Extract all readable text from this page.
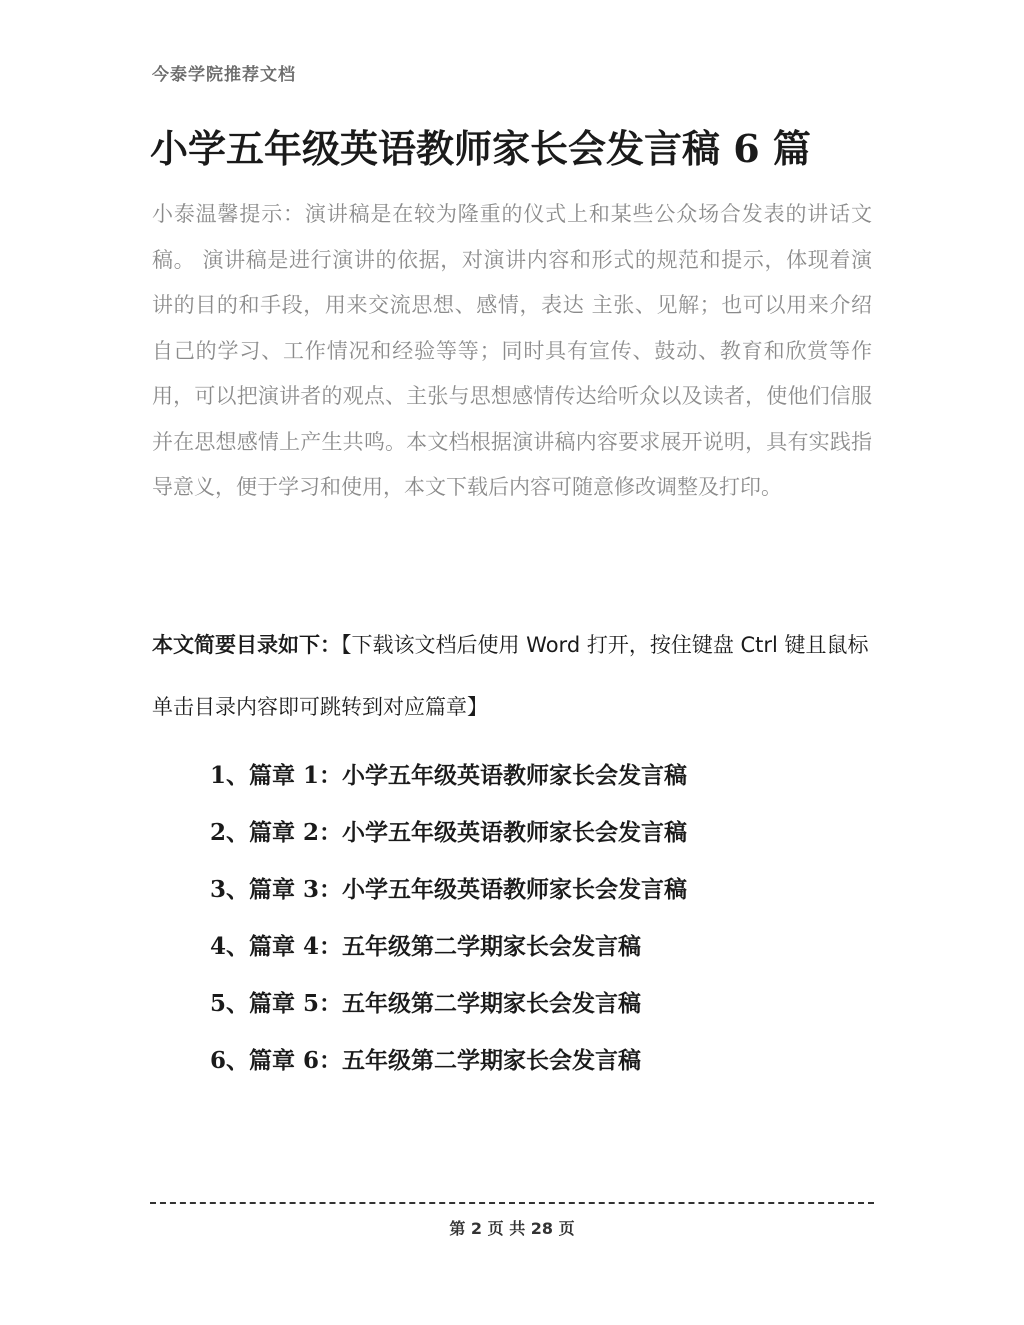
今泰学院推荐文档
小学五年级英语教师家长会发言稿 6 篇
小泰温馨提示：演讲稿是在较为隆重的仪式上和某些公众场合发表的讲话文稿。 演讲稿是进行演讲的依据，对演讲内容和形式的规范和提示，体现着演讲的目的和手段，用来交流思想、感情，表达 主张、见解；也可以用来介绍自己的学习、工作情况和经验等等；同时具有宣传、鼓动、教育和欣赏等作用，可以把演讲者的观点、主张与思想感情传达给听众以及读者，使他们信服并在思想感情上产生共鸣。本文档根据演讲稿内容要求展开说明，具有实践指导意义，便于学习和使用，本文下载后内容可随意修改调整及打印。
本文简要目录如下：【下载该文档后使用 Word 打开，按住键盘 Ctrl 键且鼠标单击目录内容即可跳转到对应篇章】
1、篇章 1：小学五年级英语教师家长会发言稿
2、篇章 2：小学五年级英语教师家长会发言稿
3、篇章 3：小学五年级英语教师家长会发言稿
4、篇章 4：五年级第二学期家长会发言稿
5、篇章 5：五年级第二学期家长会发言稿
6、篇章 6：五年级第二学期家长会发言稿
第 2 页 共 28 页
